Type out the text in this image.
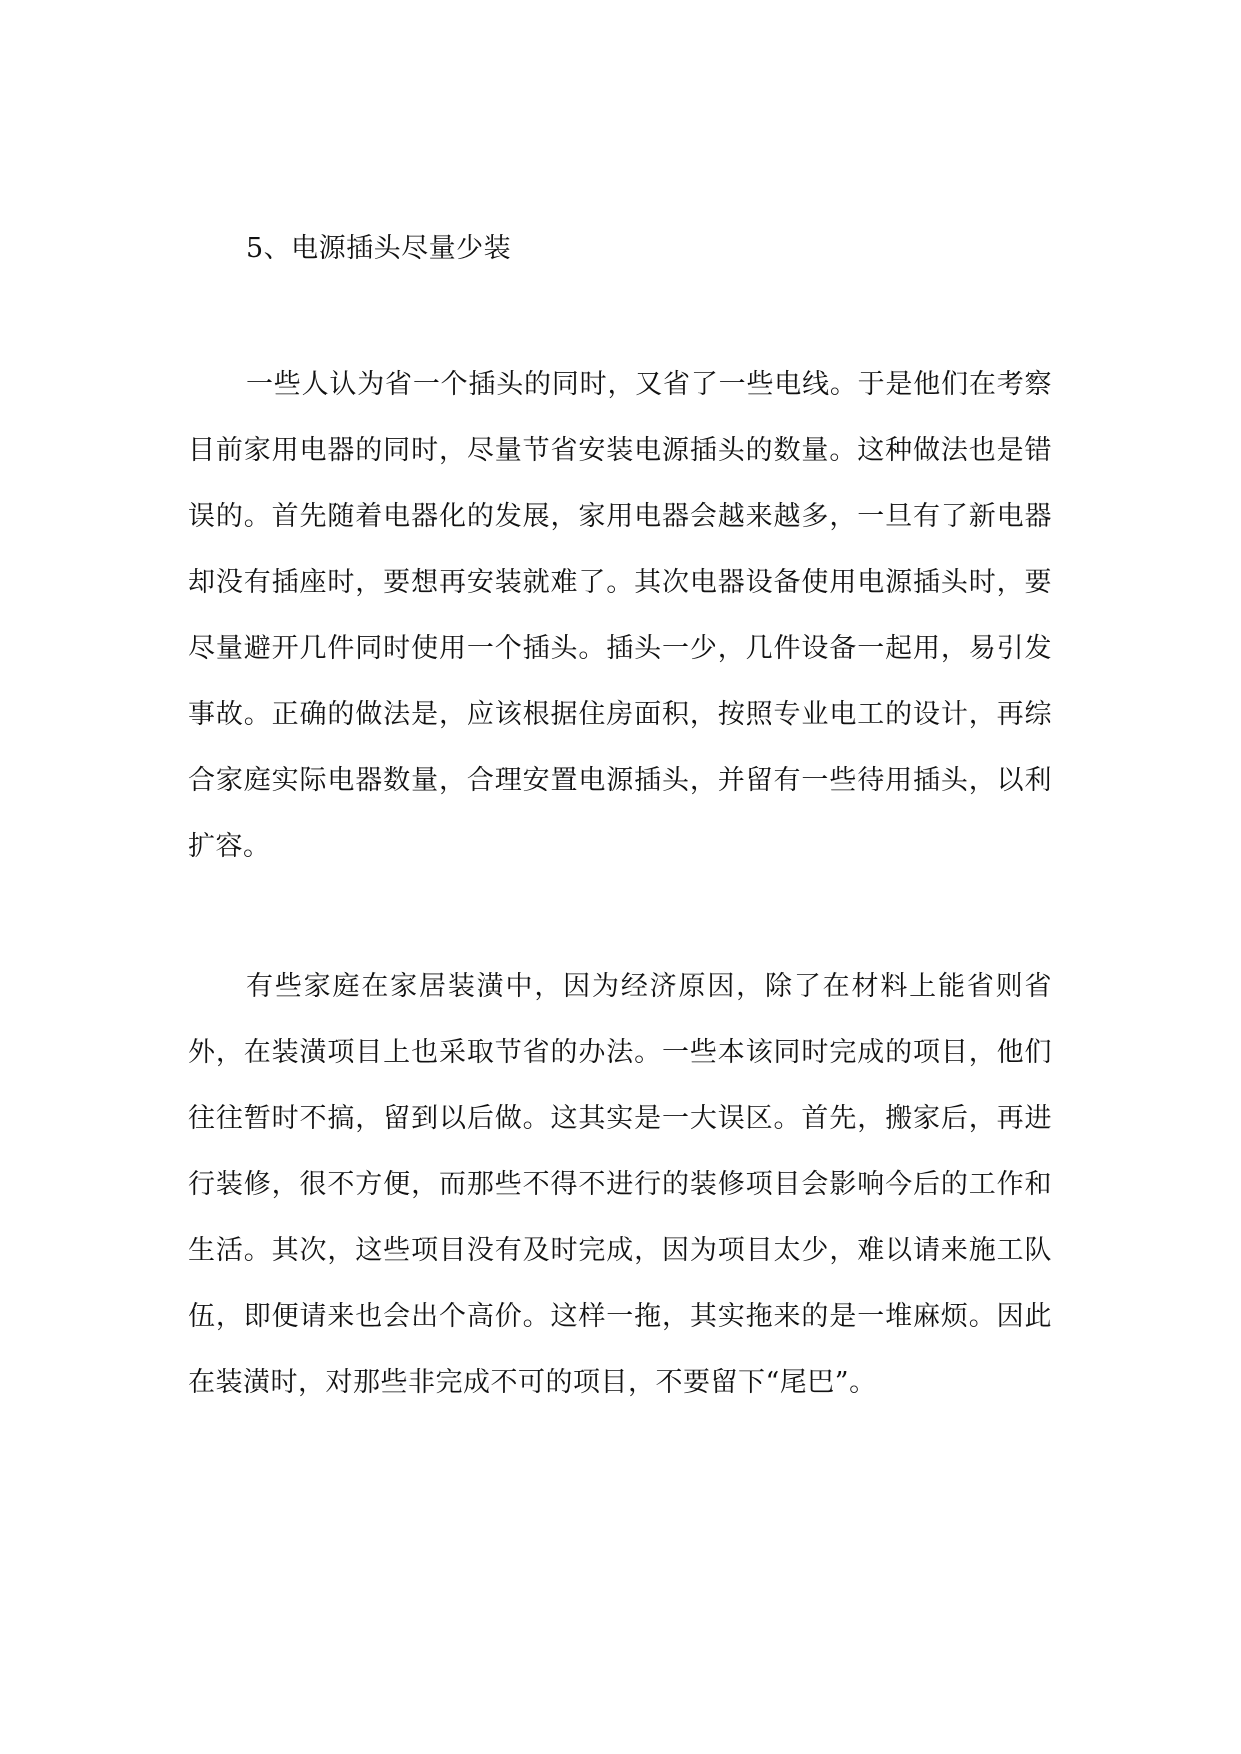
5、电源插头尽量少装

一些人认为省一个插头的同时，又省了一些电线。于是他们在考察目前家用电器的同时，尽量节省安装电源插头的数量。这种做法也是错误的。首先随着电器化的发展，家用电器会越来越多，一旦有了新电器却没有插座时，要想再安装就难了。其次电器设备使用电源插头时，要尽量避开几件同时使用一个插头。插头一少，几件设备一起用，易引发事故。正确的做法是，应该根据住房面积，按照专业电工的设计，再综合家庭实际电器数量，合理安置电源插头，并留有一些待用插头，以利扩容。

有些家庭在家居装潢中，因为经济原因，除了在材料上能省则省外，在装潢项目上也采取节省的办法。一些本该同时完成的项目，他们往往暂时不搞，留到以后做。这其实是一大误区。首先，搬家后，再进行装修，很不方便，而那些不得不进行的装修项目会影响今后的工作和生活。其次，这些项目没有及时完成，因为项目太少，难以请来施工队伍，即便请来也会出个高价。这样一拖，其实拖来的是一堆麻烦。因此在装潢时，对那些非完成不可的项目，不要留下“尾巴”。
